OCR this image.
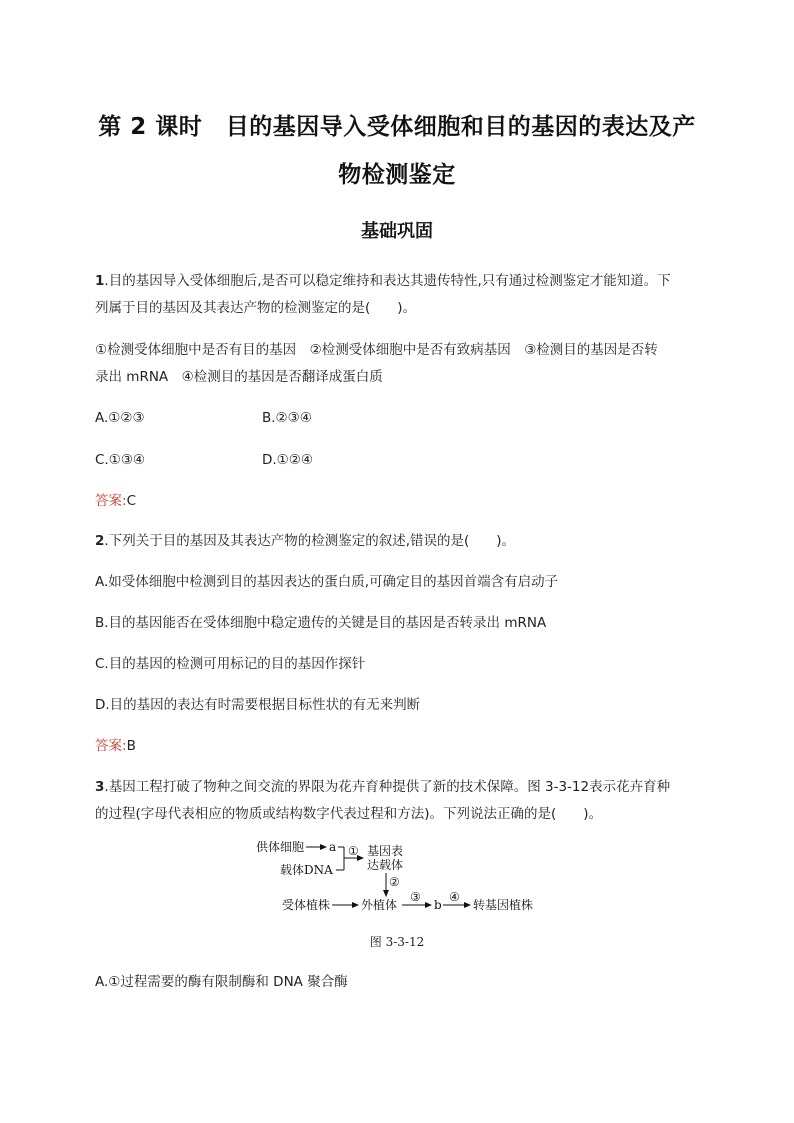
第 2 课时　目的基因导入受体细胞和目的基因的表达及产
物检测鉴定
基础巩固
1.目的基因导入受体细胞后,是否可以稳定维持和表达其遗传特性,只有通过检测鉴定才能知道。下
列属于目的基因及其表达产物的检测鉴定的是(　　)。
①检测受体细胞中是否有目的基因　②检测受体细胞中是否有致病基因　③检测目的基因是否转
录出 mRNA　④检测目的基因是否翻译成蛋白质
A.①②③	B.②③④
C.①③④	D.①②④
答案:C
2.下列关于目的基因及其表达产物的检测鉴定的叙述,错误的是(　　)。
A.如受体细胞中检测到目的基因表达的蛋白质,可确定目的基因首端含有启动子
B.目的基因能否在受体细胞中稳定遗传的关键是目的基因是否转录出 mRNA
C.目的基因的检测可用标记的目的基因作探针
D.目的基因的表达有时需要根据目标性状的有无来判断
答案:B
3.基因工程打破了物种之间交流的界限为花卉育种提供了新的技术保障。图 3-3-12表示花卉育种
的过程(字母代表相应的物质或结构数字代表过程和方法)。下列说法正确的是(　　)。
供体细胞 a
载体DNA
① 基因表
达载体
②
受体植株	外植体
③
b
④
转基因植株
图 3-3-12
A.①过程需要的酶有限制酶和 DNA 聚合酶
